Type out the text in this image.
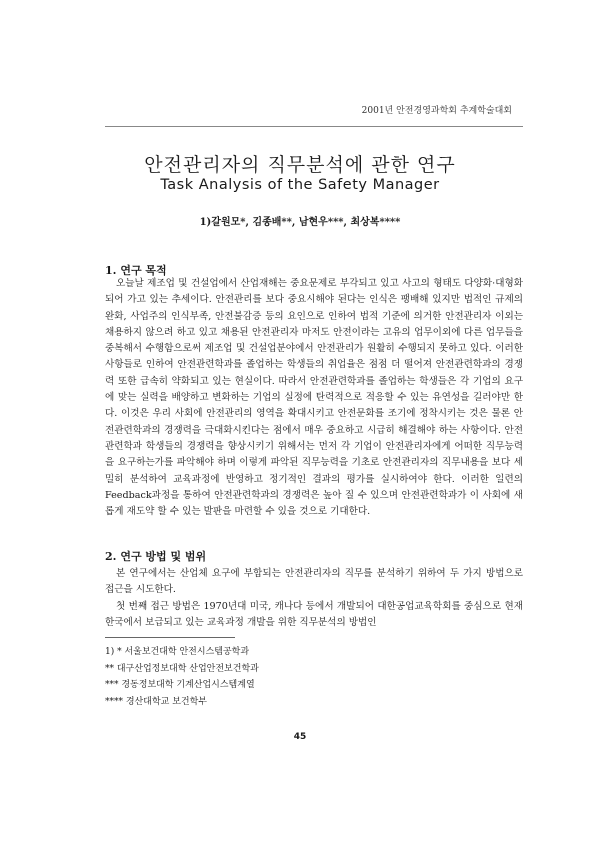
2001년 안전경영과학회 추계학술대회
안전관리자의 직무분석에 관한 연구
Task Analysis of the Safety Manager
1)갈원모*, 김종배**, 남현우***, 최상복****
1. 연구 목적

오늘날 제조업 및 건설업에서 산업재해는 중요문제로 부각되고 있고 사고의 형태도 다양화·대형화되어 가고 있는 추세이다. 안전관리를 보다 중요시해야 된다는 인식은 팽배해 있지만 법적인 규제의 완화, 사업주의 인식부족, 안전불감증 등의 요인으로 인하여 법적 기준에 의거한 안전관리자 이외는 채용하지 않으려 하고 있고 채용된 안전관리자 마저도 안전이라는 고유의 업무이외에 다른 업무들을 중복해서 수행함으로써 제조업 및 건설업분야에서 안전관리가 원활히 수행되지 못하고 있다. 이러한 사항들로 인하여 안전관련학과를 졸업하는 학생들의 취업율은 점점 더 떨어져 안전관련학과의 경쟁력 또한 급속히 약화되고 있는 현실이다. 따라서 안전관련학과를 졸업하는 학생들은 각 기업의 요구에 맞는 실력을 배양하고 변화하는 기업의 실정에 탄력적으로 적응할 수 있는 유연성을 길러야만 한다. 이것은 우리 사회에 안전관리의 영역을 확대시키고 안전문화를 조기에 정착시키는 것은 물론 안전관련학과의 경쟁력을 극대화시킨다는 점에서 매우 중요하고 시급히 해결해야 하는 사항이다. 안전관련학과 학생들의 경쟁력을 향상시키기 위해서는 먼저 각 기업이 안전관리자에게 어떠한 직무능력을 요구하는가를 파악해야 하며 이렇게 파악된 직무능력을 기초로 안전관리자의 직무내용을 보다 세밀히 분석하여 교육과정에 반영하고 정기적인 결과의 평가를 실시하여야 한다. 이러한 일련의 Feedback과정을 통하여 안전관련학과의 경쟁력은 높아 질 수 있으며 안전관련학과가 이 사회에 새롭게 재도약 할 수 있는 발판을 마련할 수 있을 것으로 기대한다.

2. 연구 방법 및 범위

본 연구에서는 산업체 요구에 부합되는 안전관리자의 직무를 분석하기 위하여 두 가지 방법으로 접근을 시도한다.

첫 번째 접근 방법은 1970년대 미국, 캐나다 등에서 개발되어 대한공업교육학회를 중심으로 현재 한국에서 보급되고 있는 교육과정 개발을 위한 직무분석의 방법인

1) * 서울보건대학 안전시스템공학과
** 대구산업정보대학 산업안전보건학과
*** 경동정보대학 기계산업시스템계열
**** 경산대학교 보건학부
45
